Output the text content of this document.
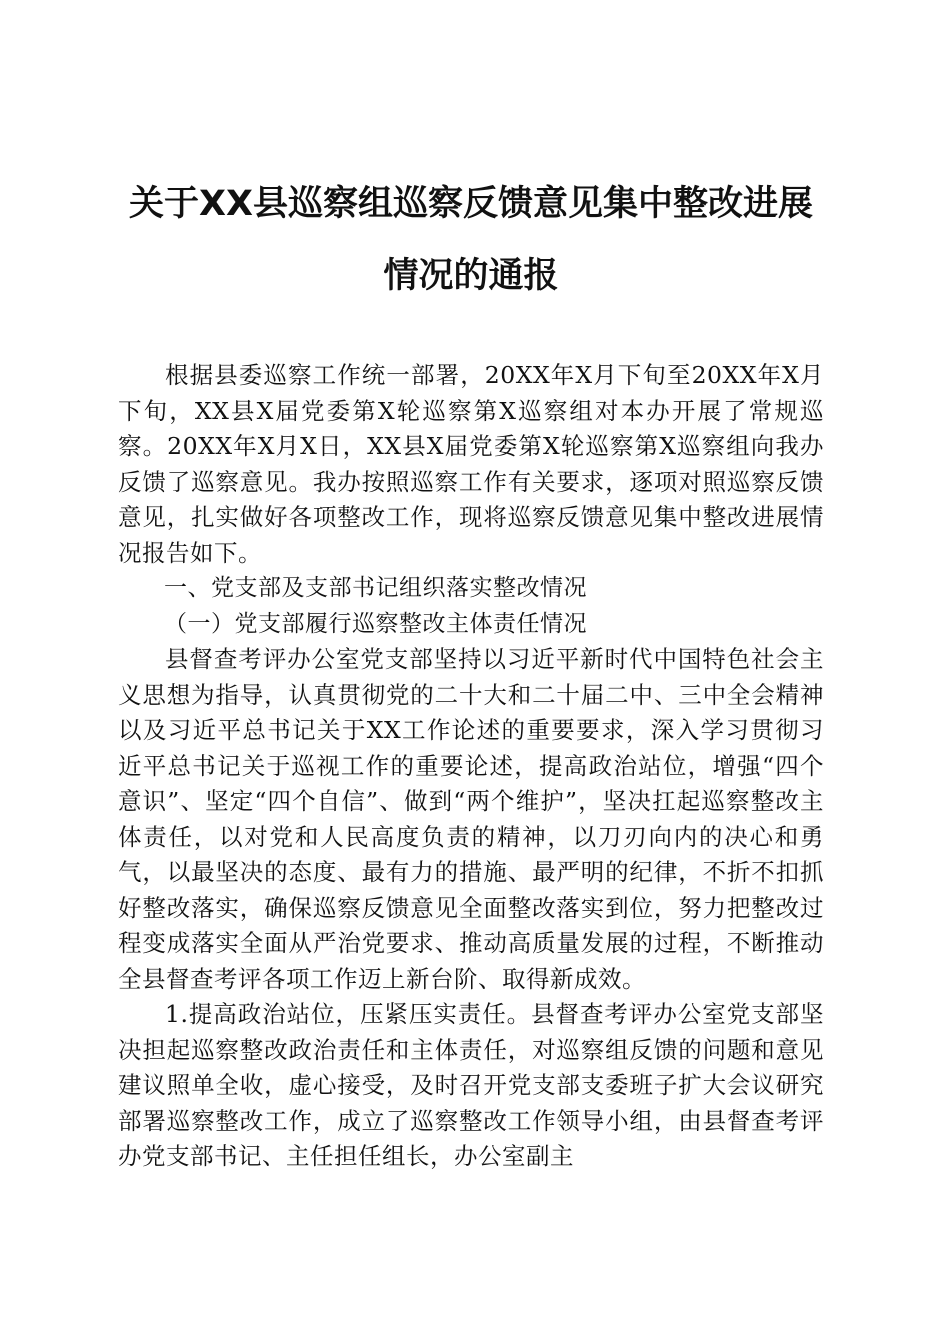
关于XX县巡察组巡察反馈意见集中整改进展
情况的通报

根据县委巡察工作统一部署，20XX年X月下旬至20XX年X月下旬，XX县X届党委第X轮巡察第X巡察组对本办开展了常规巡察。20XX年X月X日，XX县X届党委第X轮巡察第X巡察组向我办反馈了巡察意见。我办按照巡察工作有关要求，逐项对照巡察反馈意见，扎实做好各项整改工作，现将巡察反馈意见集中整改进展情况报告如下。

一、党支部及支部书记组织落实整改情况

（一）党支部履行巡察整改主体责任情况

县督查考评办公室党支部坚持以习近平新时代中国特色社会主义思想为指导，认真贯彻党的二十大和二十届二中、三中全会精神以及习近平总书记关于XX工作论述的重要要求，深入学习贯彻习近平总书记关于巡视工作的重要论述，提高政治站位，增强“四个意识”、坚定“四个自信”、做到“两个维护”，坚决扛起巡察整改主体责任，以对党和人民高度负责的精神，以刀刃向内的决心和勇气，以最坚决的态度、最有力的措施、最严明的纪律，不折不扣抓好整改落实，确保巡察反馈意见全面整改落实到位，努力把整改过程变成落实全面从严治党要求、推动高质量发展的过程，不断推动全县督查考评各项工作迈上新台阶、取得新成效。

1.提高政治站位，压紧压实责任。县督查考评办公室党支部坚决担起巡察整改政治责任和主体责任，对巡察组反馈的问题和意见建议照单全收，虚心接受，及时召开党支部支委班子扩大会议研究部署巡察整改工作，成立了巡察整改工作领导小组，由县督查考评办党支部书记、主任担任组长，办公室副主
